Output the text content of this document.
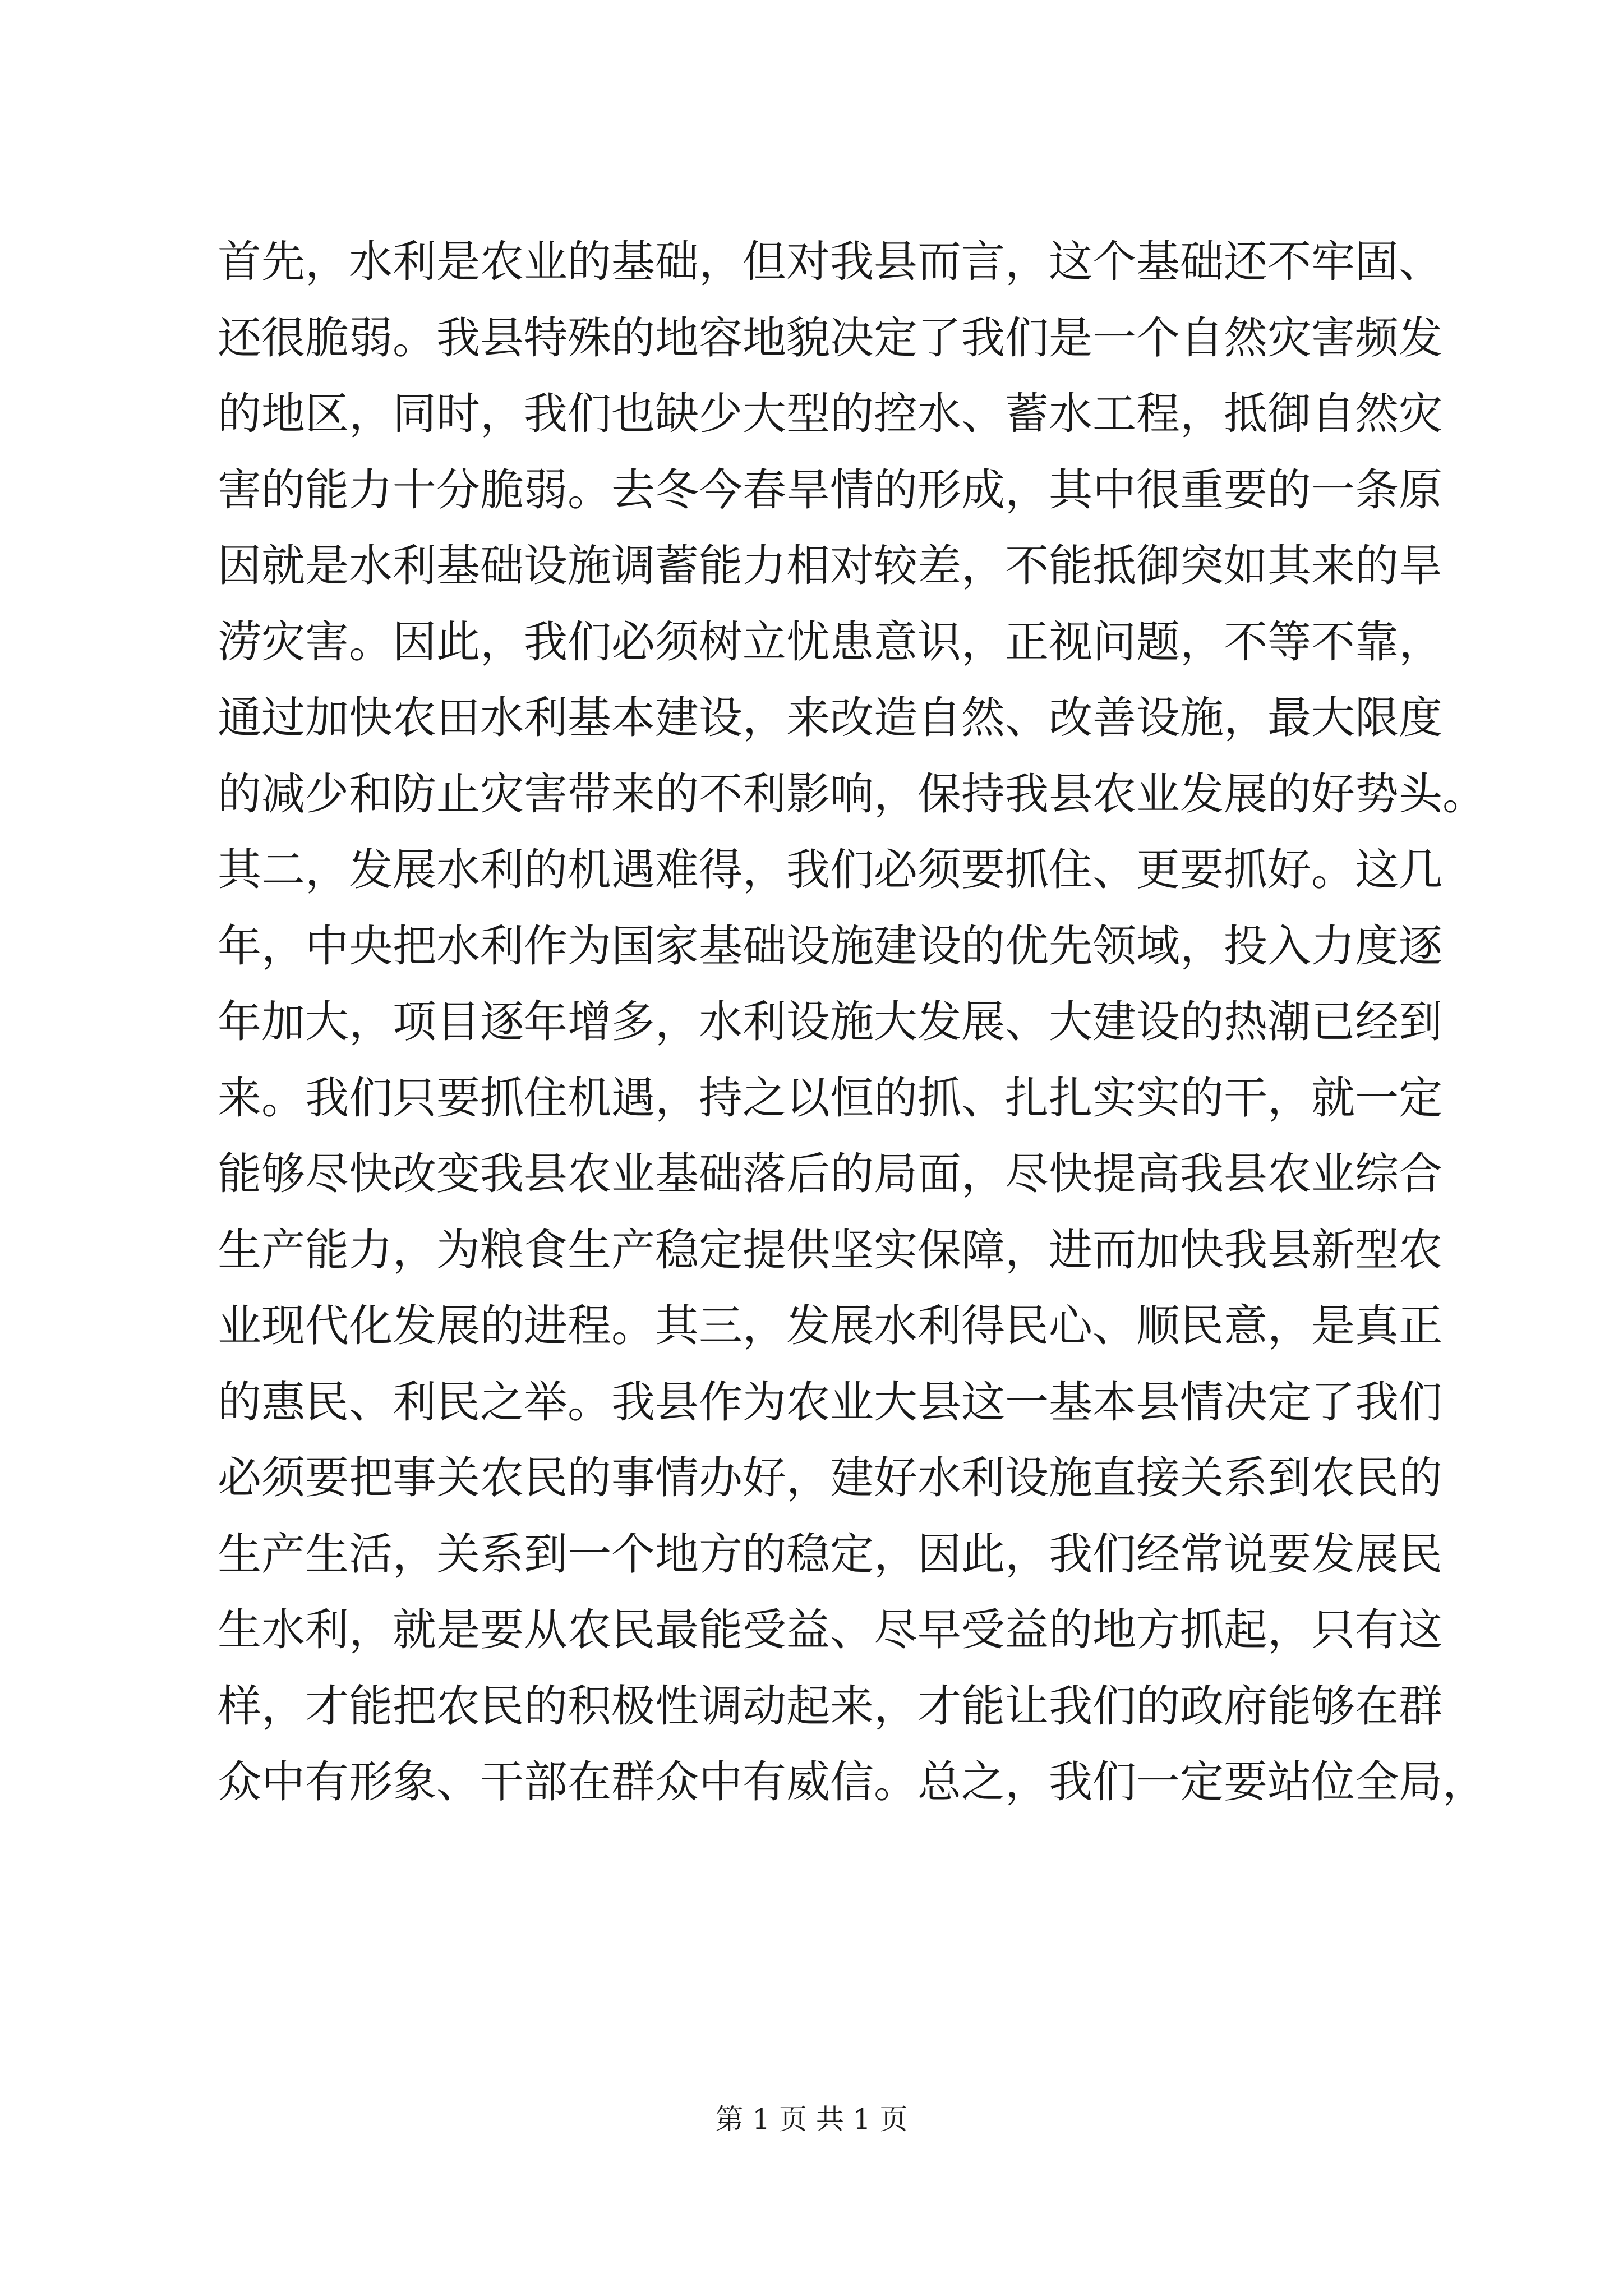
首先，水利是农业的基础，但对我县而言，这个基础还不牢固、
还很脆弱。我县特殊的地容地貌决定了我们是一个自然灾害频发
的地区，同时，我们也缺少大型的控水、蓄水工程，抵御自然灾
害的能力十分脆弱。去冬今春旱情的形成，其中很重要的一条原
因就是水利基础设施调蓄能力相对较差，不能抵御突如其来的旱
涝灾害。因此，我们必须树立忧患意识，正视问题，不等不靠，
通过加快农田水利基本建设，来改造自然、改善设施，最大限度
的减少和防止灾害带来的不利影响，保持我县农业发展的好势头。
其二，发展水利的机遇难得，我们必须要抓住、更要抓好。这几
年，中央把水利作为国家基础设施建设的优先领域，投入力度逐
年加大，项目逐年增多，水利设施大发展、大建设的热潮已经到
来。我们只要抓住机遇，持之以恒的抓、扎扎实实的干，就一定
能够尽快改变我县农业基础落后的局面，尽快提高我县农业综合
生产能力，为粮食生产稳定提供坚实保障，进而加快我县新型农
业现代化发展的进程。其三，发展水利得民心、顺民意，是真正
的惠民、利民之举。我县作为农业大县这一基本县情决定了我们
必须要把事关农民的事情办好，建好水利设施直接关系到农民的
生产生活，关系到一个地方的稳定，因此，我们经常说要发展民
生水利，就是要从农民最能受益、尽早受益的地方抓起，只有这
样，才能把农民的积极性调动起来，才能让我们的政府能够在群
众中有形象、干部在群众中有威信。总之，我们一定要站位全局，
第 1 页 共 1 页
